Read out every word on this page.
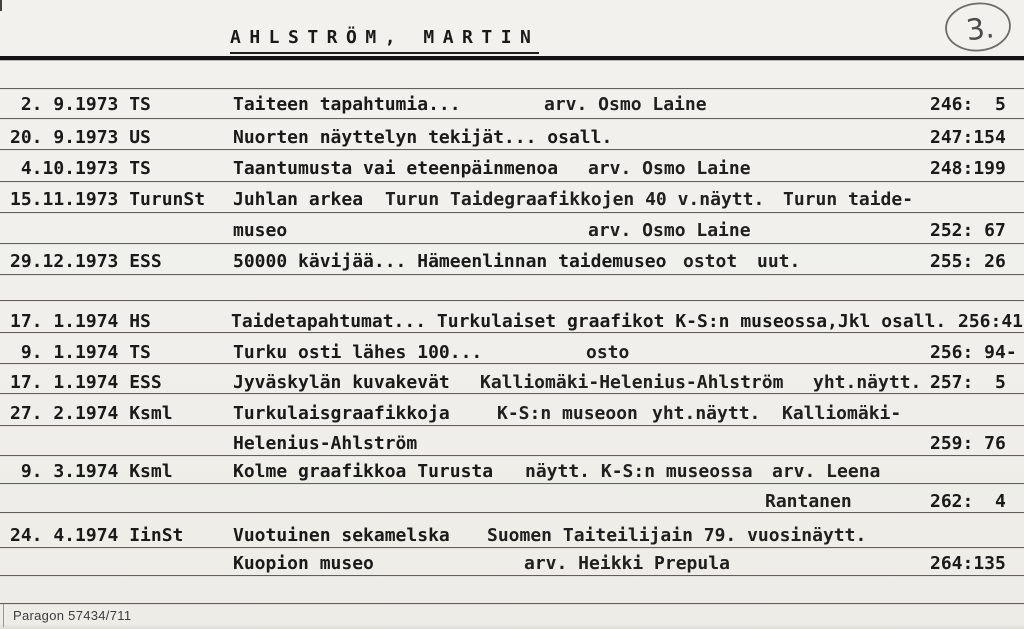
AHLSTRÖM, MARTIN	3.
2. 9.1973 TS	Taiteen tapahtumia...	arv. Osmo Laine	246:  5
20. 9.1973 US	Nuorten näyttelyn tekijät... osall.	247:154
4.10.1973 TS	Taantumusta vai eteenpäinmenoa arv. Osmo Laine	248:199
15.11.1973 TurunSt Juhlan arkea Turun Taidegraafikkojen 40 v.näytt. Turun taide-
museo	arv. Osmo Laine	252: 67
29.12.1973 ESS	50000 kävijää... Hämeenlinnan taidemuseo ostot uut.	255: 26
17. 1.1974 HS	Taidetapahtumat... Turkulaiset graafikot K-S:n museossa,Jkl osall. 256:41
9. 1.1974 TS	Turku osti lähes 100...	osto	256: 94-
17. 1.1974 ESS	Jyväskylän kuvakevät Kalliomäki-Helenius-Ahlström yht.näytt. 257:  5
27. 2.1974 Ksml	Turkulaisgraafikkoja	K-S:n museoon yht.näytt. Kalliomäki-
Helenius-Ahlström	259: 76
9. 3.1974 Ksml	Kolme graafikkoa Turusta näytt. K-S:n museossa arv. Leena
Rantanen	262:  4
24. 4.1974 IinSt	Vuotuinen sekamelska Suomen Taiteilijain 79. vuosinäytt.
Kuopion museo	arv. Heikki Prepula	264:135
Paragon 57434/711
